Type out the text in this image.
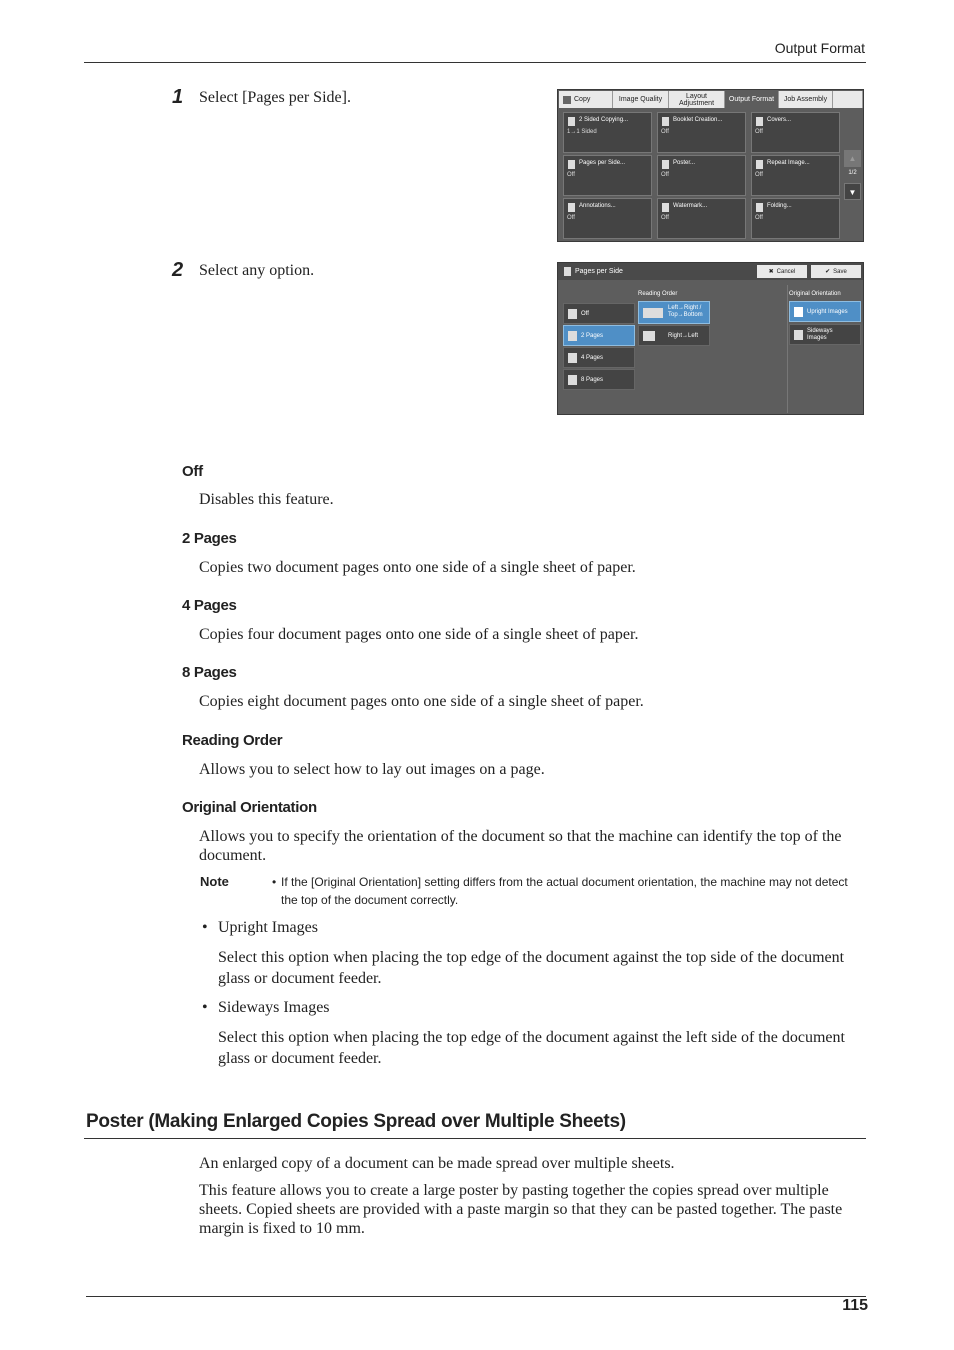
Output Format
1 Select [Pages per Side].	Copy	Image Quality	Layout Adjustment	Output Format	Job Assembly
2 Sided Copying...
1→1 Sided
Booklet Creation...
Off
Covers...
Off
Pages per Side...
Off
Poster...
Off
Repeat Image...
Off
Annotations...
Off
Watermark...
Off
Folding...
Off
▲
1/2
▼
2 Select any option.	Pages per Side	✖ Cancel	✔ Save
Reading Order	Original Orientation
Off
2 Pages
4 Pages
8 Pages
Left→Right / Top→Bottom
Right→Left
Upright Images
Sideways Images
Off
Disables this feature.
2 Pages
Copies two document pages onto one side of a single sheet of paper.
4 Pages
Copies four document pages onto one side of a single sheet of paper.
8 Pages
Copies eight document pages onto one side of a single sheet of paper.
Reading Order
Allows you to select how to lay out images on a page.
Original Orientation
Allows you to specify the orientation of the document so that the machine can identify the top of the document.
Note	• If the [Original Orientation] setting differs from the actual document orientation, the machine may not detect the top of the document correctly.
• Upright Images
Select this option when placing the top edge of the document against the top side of the document glass or document feeder.
• Sideways Images
Select this option when placing the top edge of the document against the left side of the document glass or document feeder.
Poster (Making Enlarged Copies Spread over Multiple Sheets)
An enlarged copy of a document can be made spread over multiple sheets.
This feature allows you to create a large poster by pasting together the copies spread over multiple sheets. Copied sheets are provided with a paste margin so that they can be pasted together. The paste margin is fixed to 10 mm.
115
